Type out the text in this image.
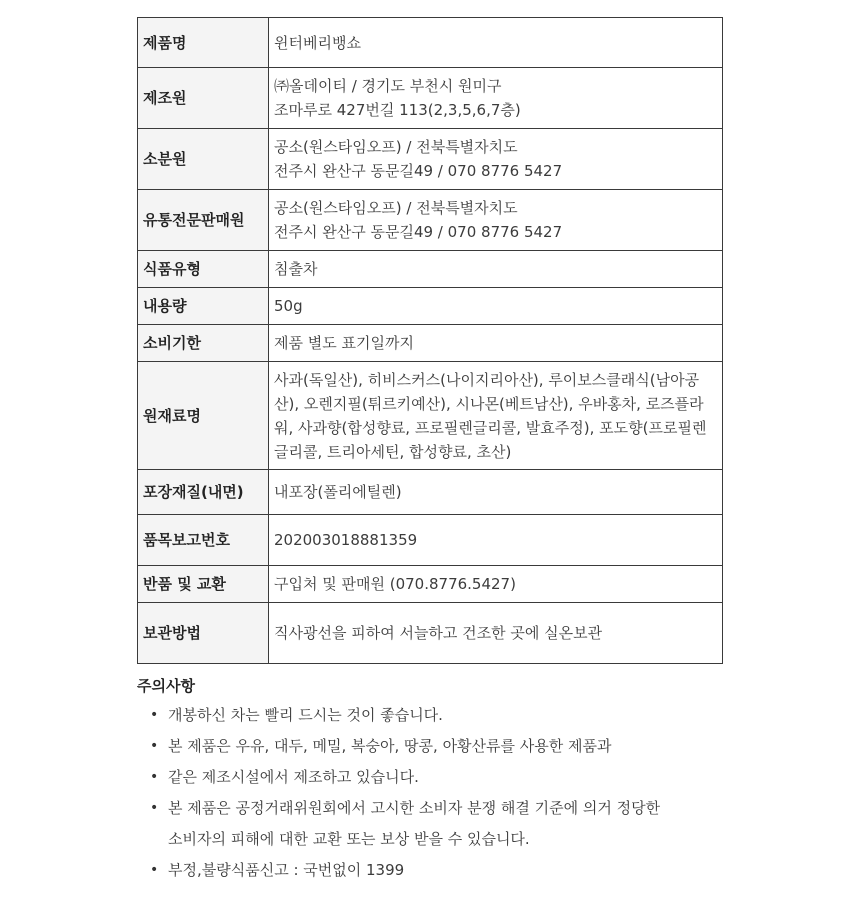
제품명	윈터베리뱅쇼

제조원	㈜올데이티 / 경기도 부천시 원미구
조마루로 427번길 113(2,3,5,6,7층)

소분원	공소(원스타임오프) / 전북특별자치도
전주시 완산구 동문길49 / 070 8776 5427

유통전문판매원	공소(원스타임오프) / 전북특별자치도
전주시 완산구 동문길49 / 070 8776 5427

식품유형	침출차

내용량	50g

소비기한	제품 별도 표기일까지

원재료명	사과(독일산), 히비스커스(나이지리아산), 루이보스클래식(남아공
산), 오렌지필(튀르키예산), 시나몬(베트남산), 우바홍차, 로즈플라
워, 사과향(합성향료, 프로필렌글리콜, 발효주정), 포도향(프로필렌
글리콜, 트리아세틴, 합성향료, 초산)

포장재질(내면)	내포장(폴리에틸렌)

품목보고번호	202003018881359

반품 및 교환	구입처 및 판매원 (070.8776.5427)

보관방법	직사광선을 피하여 서늘하고 건조한 곳에 실온보관
주의사항
• 개봉하신 차는 빨리 드시는 것이 좋습니다.
• 본 제품은 우유, 대두, 메밀, 복숭아, 땅콩, 아황산류를 사용한 제품과
• 같은 제조시설에서 제조하고 있습니다.
• 본 제품은 공정거래위원회에서 고시한 소비자 분쟁 해결 기준에 의거 정당한
소비자의 피해에 대한 교환 또는 보상 받을 수 있습니다.
• 부정,불량식품신고 : 국번없이 1399
